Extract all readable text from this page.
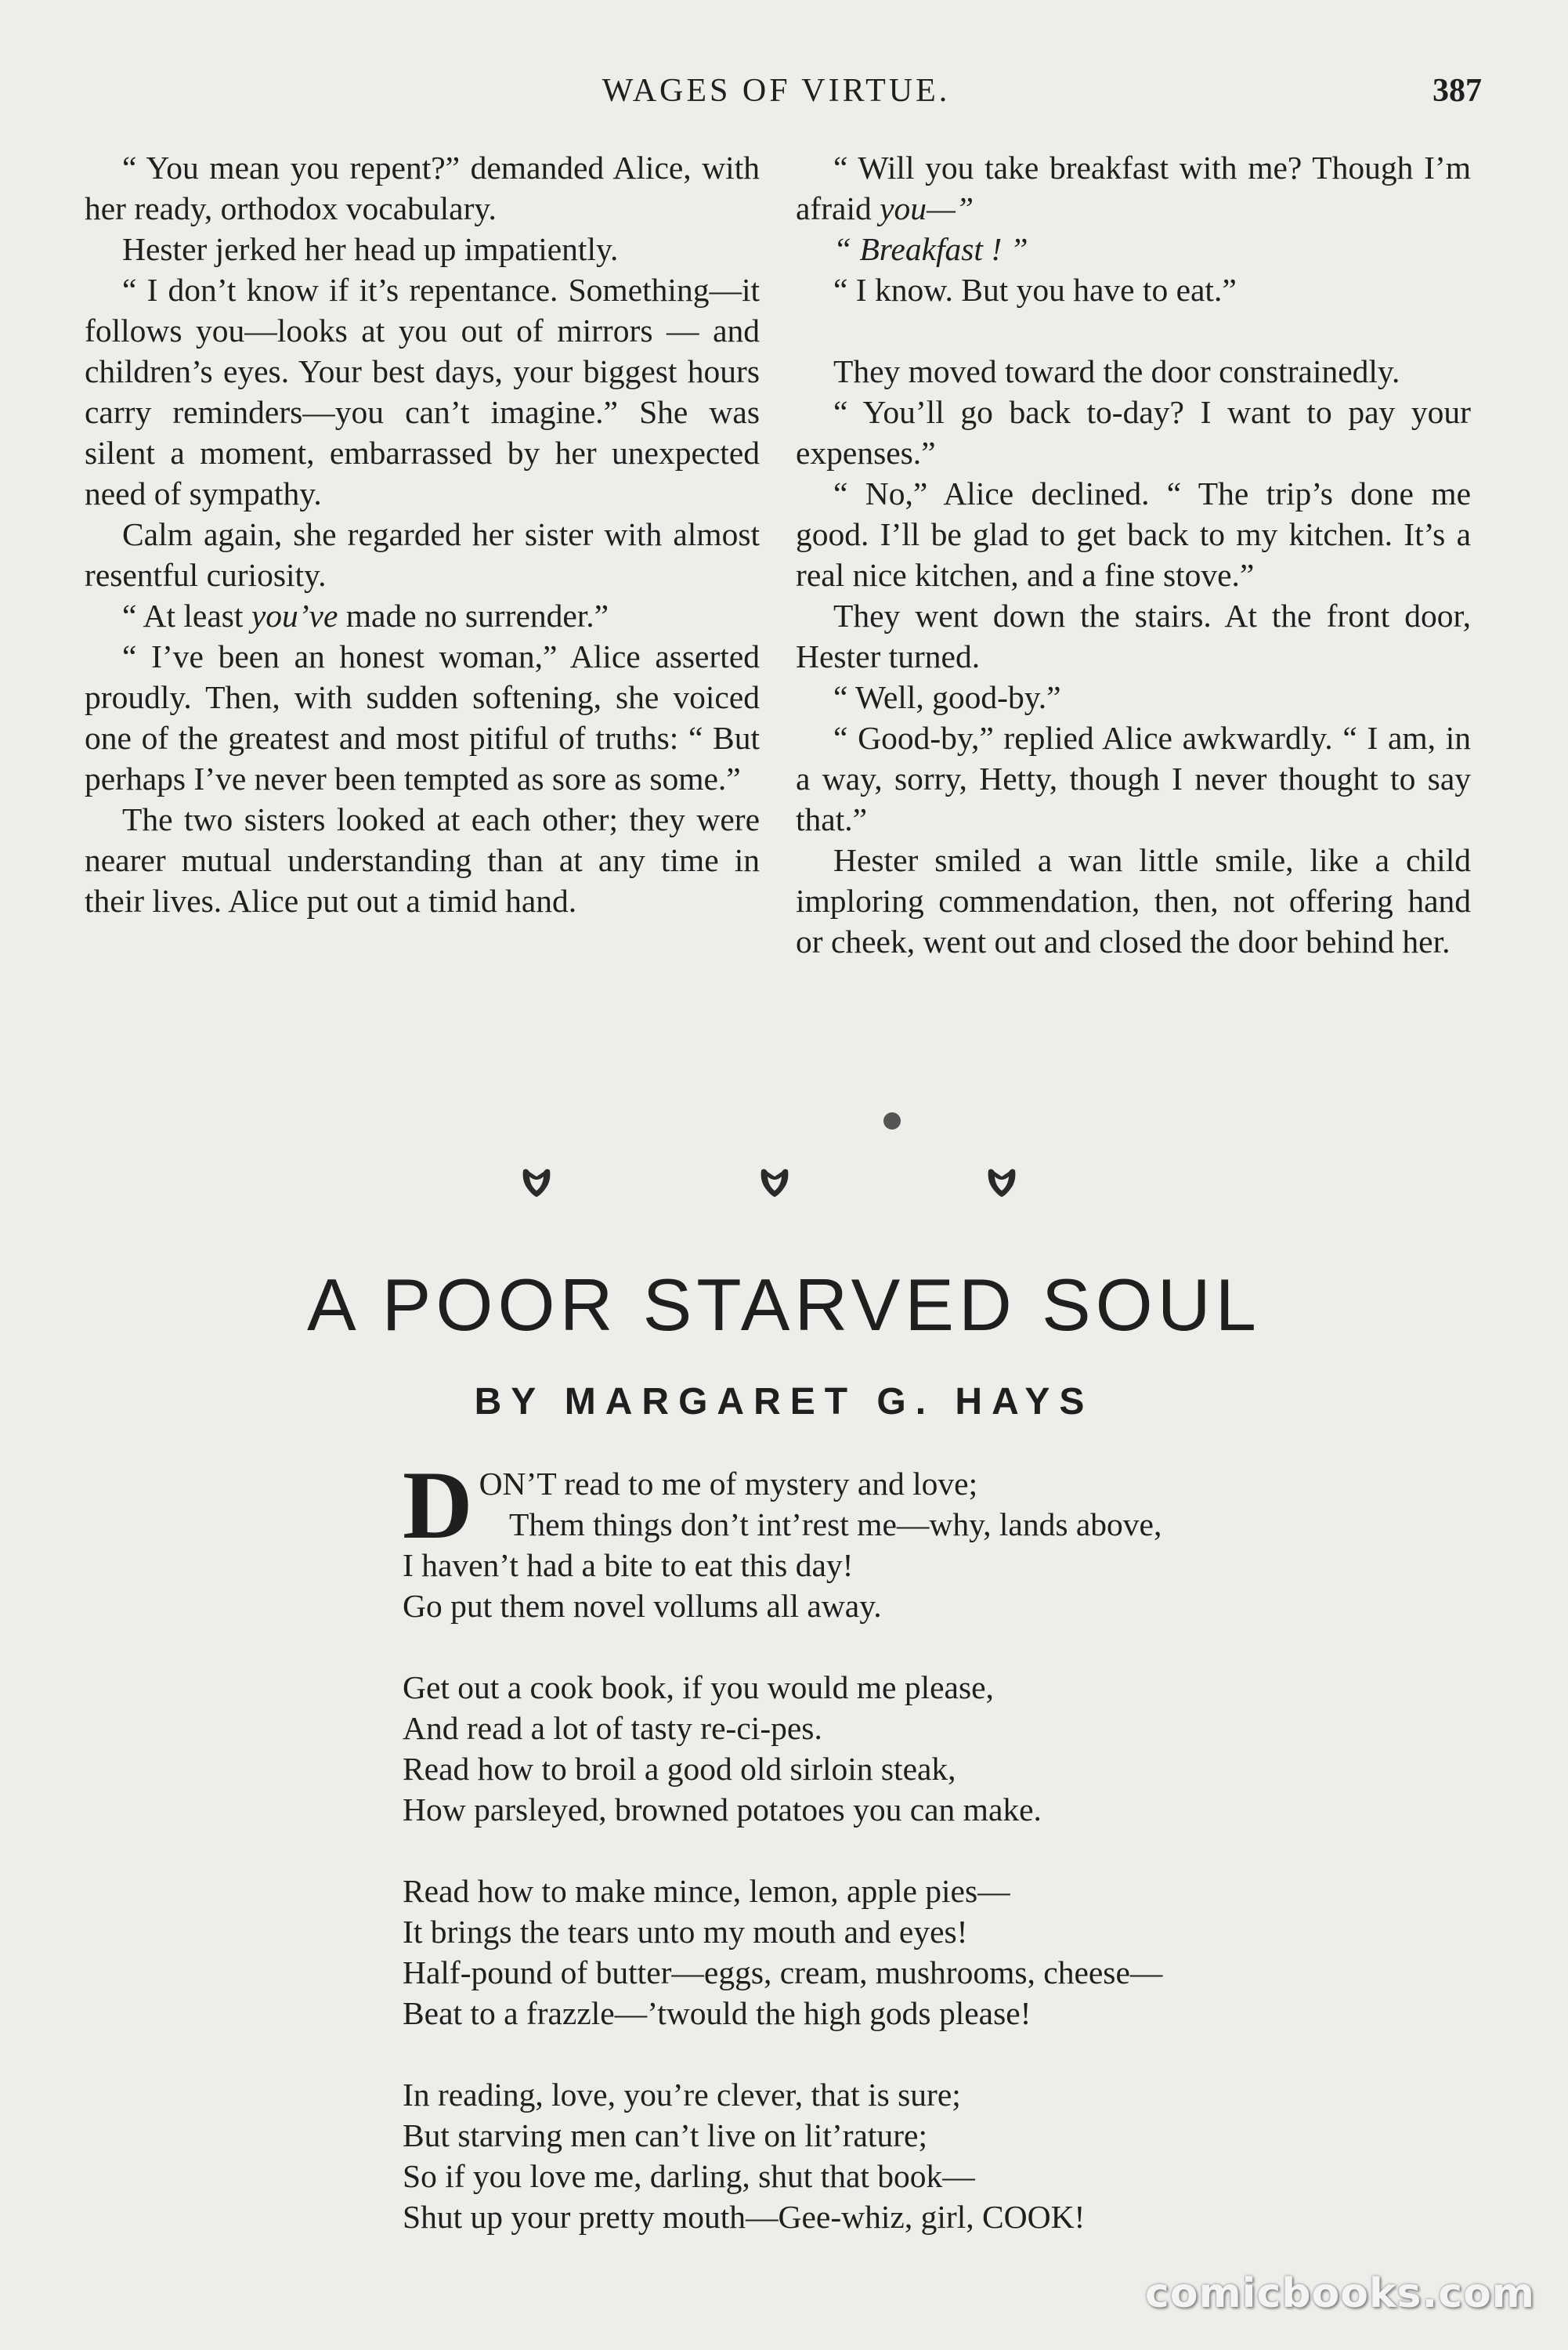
WAGES OF VIRTUE.	387

“ You mean you repent?” demanded Alice, with her ready, orthodox vocabulary.

Hester jerked her head up impatiently.

“ I don’t know if it’s repentance. Something—it follows you—looks at you out of mirrors — and children’s eyes. Your best days, your biggest hours carry reminders—you can’t imagine.” She was silent a moment, embarrassed by her unexpected need of sympathy.

Calm again, she regarded her sister with almost resentful curiosity.

“ At least you’ve made no surrender.”

“ I’ve been an honest woman,” Alice asserted proudly. Then, with sudden softening, she voiced one of the greatest and most pitiful of truths: “ But perhaps I’ve never been tempted as sore as some.”

The two sisters looked at each other; they were nearer mutual understanding than at any time in their lives. Alice put out a timid hand.

“ Will you take breakfast with me? Though I’m afraid you—”

“ Breakfast ! ”

“ I know. But you have to eat.”

They moved toward the door constrainedly.

“ You’ll go back to-day? I want to pay your expenses.”

“ No,” Alice declined. “ The trip’s done me good. I’ll be glad to get back to my kitchen. It’s a real nice kitchen, and a fine stove.”

They went down the stairs. At the front door, Hester turned.

“ Well, good-by.”

“ Good-by,” replied Alice awkwardly. “ I am, in a way, sorry, Hetty, though I never thought to say that.”

Hester smiled a wan little smile, like a child imploring commendation, then, not offering hand or cheek, went out and closed the door behind her.

A POOR STARVED SOUL
BY MARGARET G. HAYS
D ON’T read to me of mystery and love;
Them things don’t int’rest me—why, lands above,
I haven’t had a bite to eat this day!
Go put them novel vollums all away.
Get out a cook book, if you would me please,
And read a lot of tasty re-ci-pes.
Read how to broil a good old sirloin steak,
How parsleyed, browned potatoes you can make.
Read how to make mince, lemon, apple pies—
It brings the tears unto my mouth and eyes!
Half-pound of butter—eggs, cream, mushrooms, cheese—
Beat to a frazzle—’twould the high gods please!
In reading, love, you’re clever, that is sure;
But starving men can’t live on lit’rature;
So if you love me, darling, shut that book—
Shut up your pretty mouth—Gee-whiz, girl, COOK!
comicbooks.com
